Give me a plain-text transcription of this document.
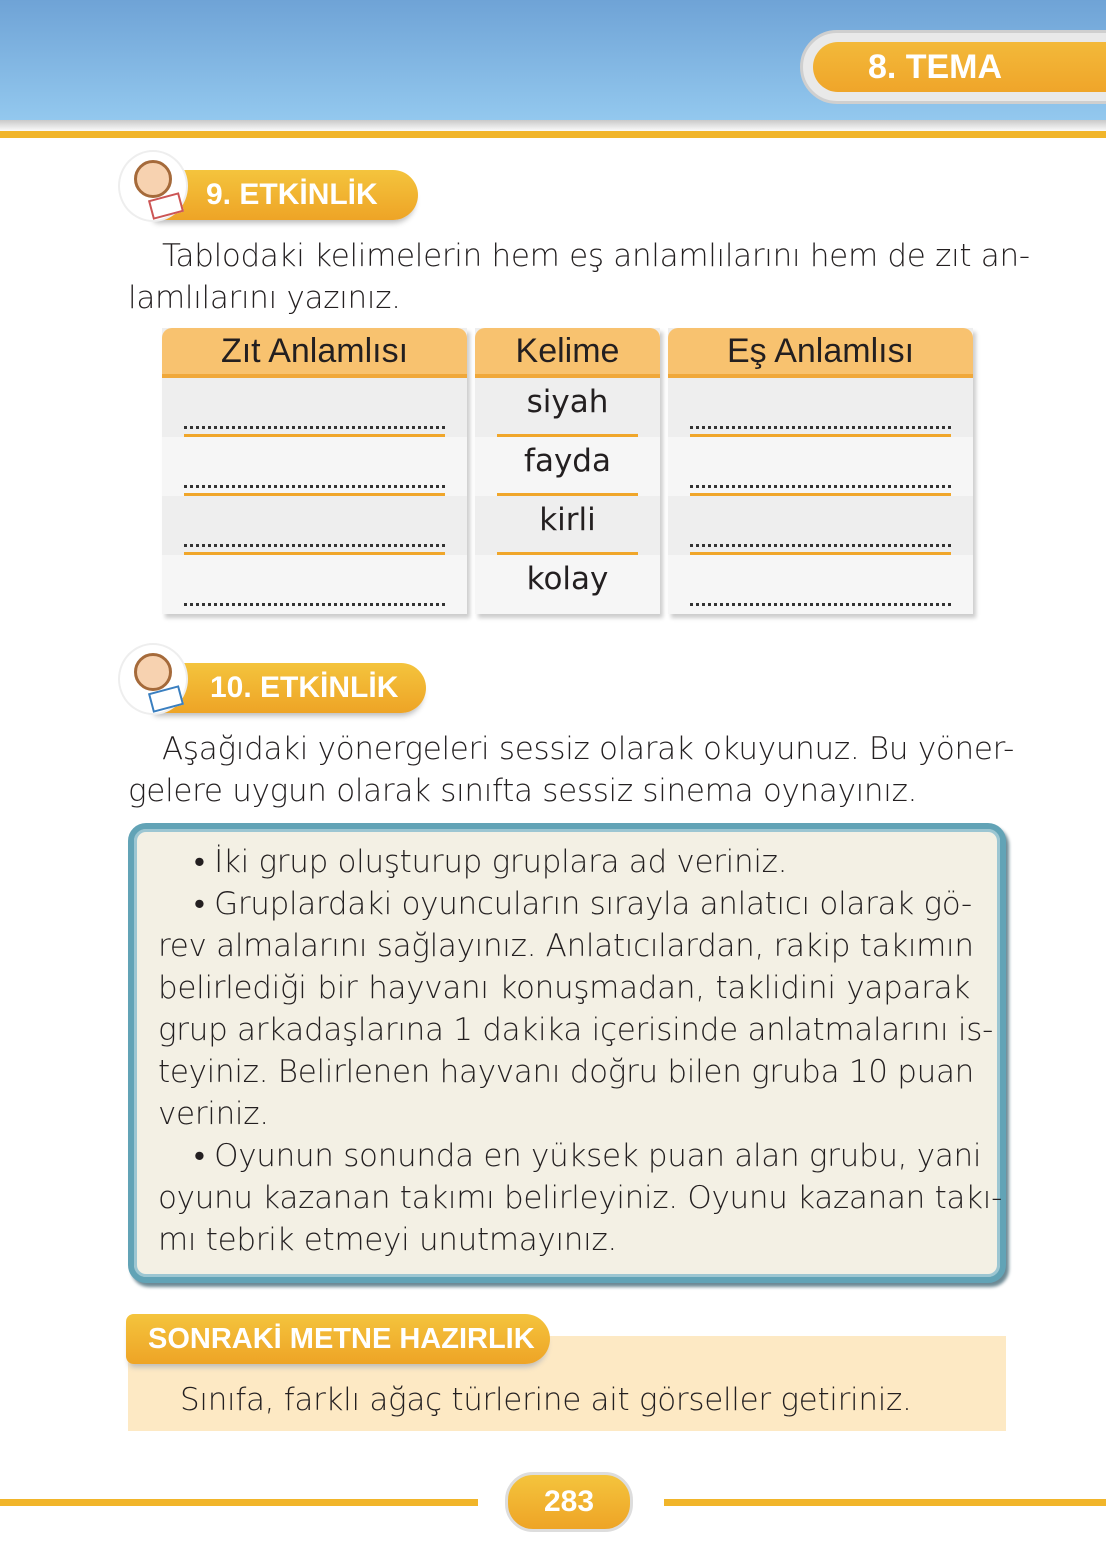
8. TEMA
9. ETKİNLİK
Tablodaki kelimelerin hem eş anlamlılarını hem de zıt an-
lamlılarını yazınız.
Zıt Anlamlısı	Kelime
siyah
fayda
kirli
kolay
Eş Anlamlısı
10. ETKİNLİK
Aşağıdaki yönergeleri sessiz olarak okuyunuz. Bu yöner-
gelere uygun olarak sınıfta sessiz sinema oynayınız.
• İki grup oluşturup gruplara ad veriniz.
• Gruplardaki oyuncuların sırayla anlatıcı olarak gö-
rev almalarını sağlayınız. Anlatıcılardan, rakip takımın
belirlediği bir hayvanı konuşmadan, taklidini yaparak
grup arkadaşlarına 1 dakika içerisinde anlatmalarını is-
teyiniz. Belirlenen hayvanı doğru bilen gruba 10 puan
veriniz.
• Oyunun sonunda en yüksek puan alan grubu, yani
oyunu kazanan takımı belirleyiniz. Oyunu kazanan takı-
mı tebrik etmeyi unutmayınız.
SONRAKİ METNE HAZIRLIK
Sınıfa, farklı ağaç türlerine ait görseller getiriniz.
283
